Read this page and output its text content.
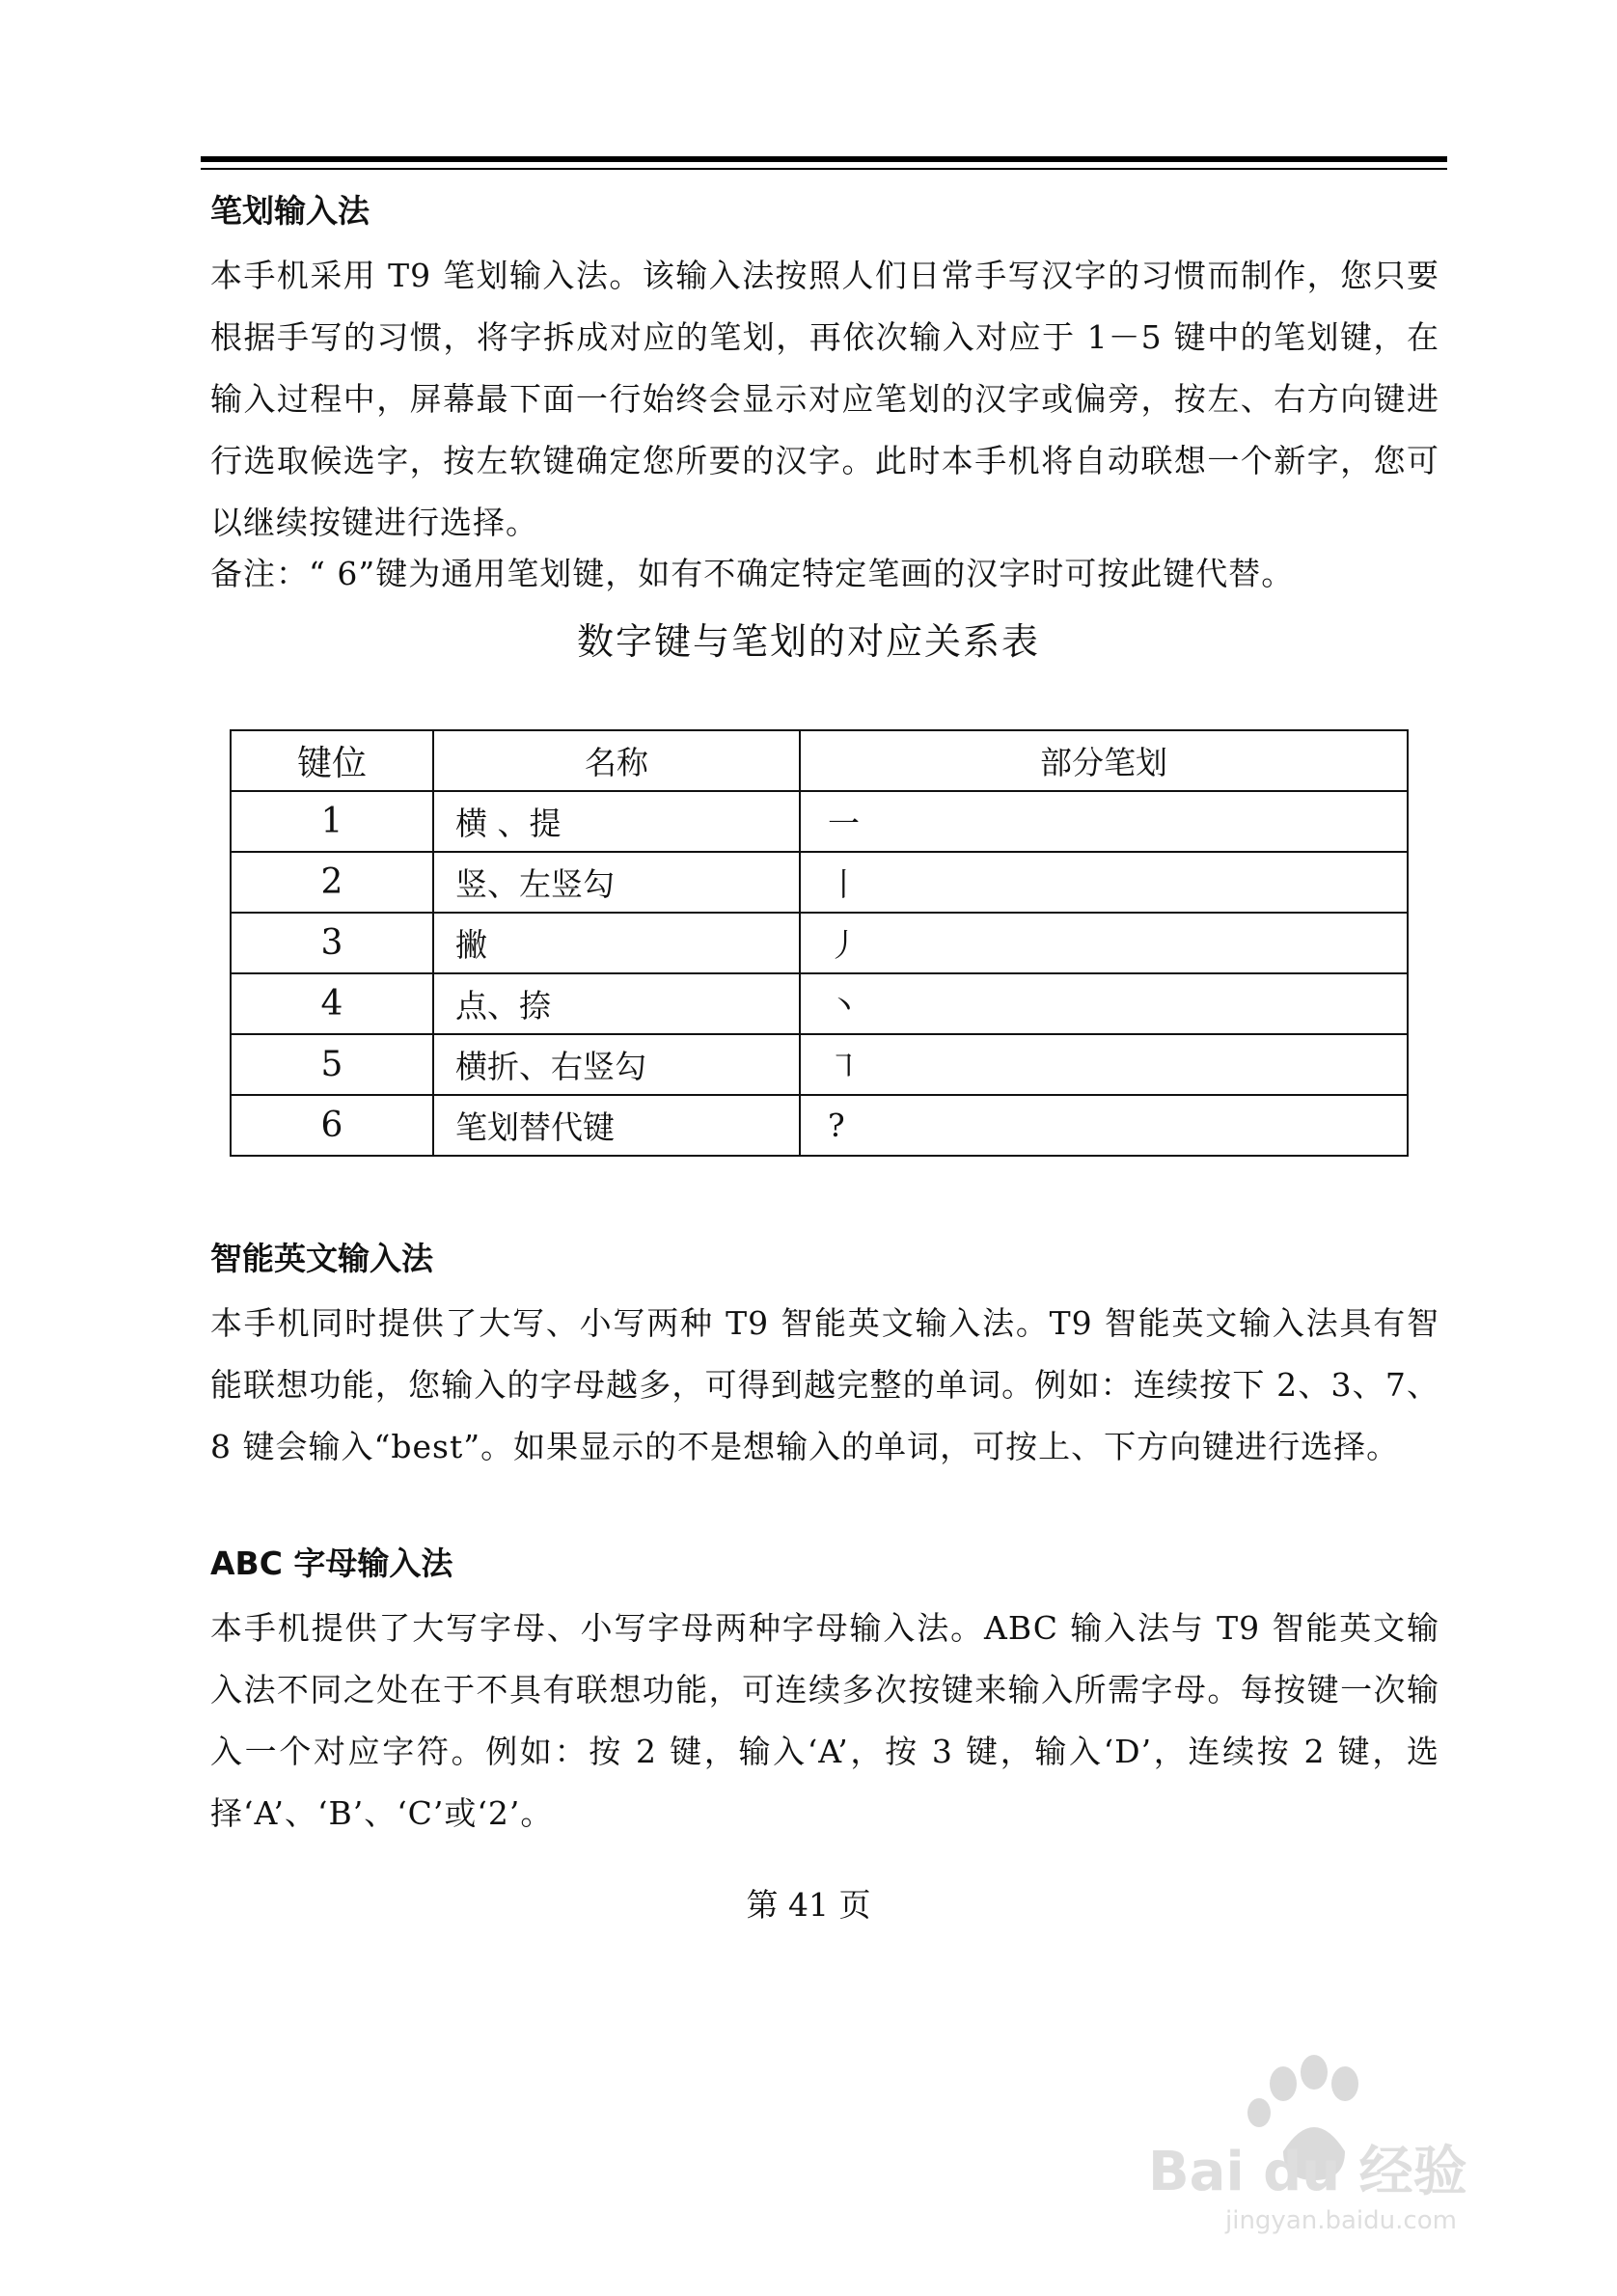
笔划输入法

本手机采用 T9 笔划输入法。该输入法按照人们日常手写汉字的习惯而制作，您只要根据手写的习惯，将字拆成对应的笔划，再依次输入对应于 1－5 键中的笔划键，在输入过程中，屏幕最下面一行始终会显示对应笔划的汉字或偏旁，按左、右方向键进行选取候选字，按左软键确定您所要的汉字。此时本手机将自动联想一个新字，您可以继续按键进行选择。

备注：“ 6”键为通用笔划键，如有不确定特定笔画的汉字时可按此键代替。
数字键与笔划的对应关系表
键位	名称	部分笔划
1	横 、提	一
2	竖、左竖勾	丨
3	撇	丿
4	点、捺	丶
5	横折、右竖勾	㇕
6	笔划替代键	?
智能英文输入法

本手机同时提供了大写、小写两种 T9 智能英文输入法。T9 智能英文输入法具有智能联想功能，您输入的字母越多，可得到越完整的单词。例如：连续按下 2、3、7、8 键会输入“best”。如果显示的不是想输入的单词，可按上、下方向键进行选择。

ABC 字母输入法

本手机提供了大写字母、小写字母两种字母输入法。ABC 输入法与 T9 智能英文输入法不同之处在于不具有联想功能，可连续多次按键来输入所需字母。每按键一次输入一个对应字符。例如：按 2 键，输入‘A’，按 3 键，输入‘D’，连续按 2 键，选择‘A’、‘B’、‘C’或‘2’。

第 41 页
Bai du 经验
jingyan.baidu.com
